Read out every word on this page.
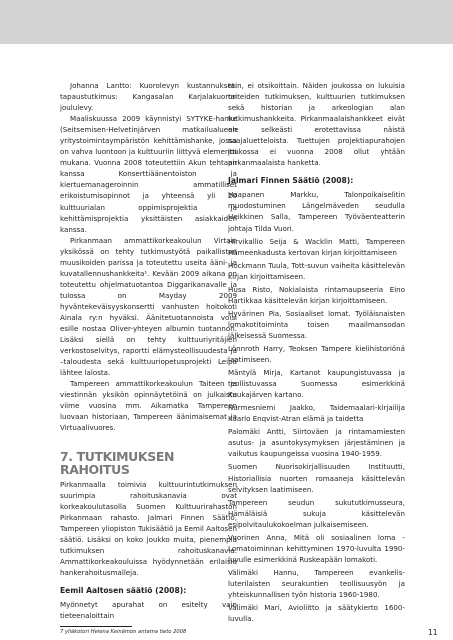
Johanna Lantto: Kuorolevyn kustannukset: tapaustutkimus: Kangasalan Karjalakuoron joululevy.

Maaliskuussa 2009 käynnistyi SYTYKE-hanke (Seitsemisen-Helvetinjärven matkailualueen yritystoimintaympäristön kehittämishanke, jossa on vahva luontoon ja kulttuuriin liittyvä elementti mukana. Vuonna 2008 toteutettiin Akun tehtaan kanssa Konserttiäänentoiston ja kiertuemanageroinnin ammatilliset erikoistumisopinnot ja yhteensä yli 20 kulttuurialan oppimisprojektia ja kehittämisprojektia yksittäisten asiakkaiden kanssa.

Pirkanmaan ammattikorkeakoulun Virtain yksikössä on tehty tutkimustyötä paikallisten muusikoiden parissa ja toteutettu useita ääni- ja kuvatallennushankkeita¹. Kevään 2009 aikana on toteutettu ohjelmatuotantoa Diggarikanavalle ja tulossa on Mayday 2009 hyväntekeväisyyskonsertti vanhusten hoitokoti Ainala ry:n hyväksi. Äänitetuotannoista voisi esille nostaa Oliver-yhteyen albumin tuotannon. Lisäksi siellä on tehty kulttuuriyritäjien verkostoselvitys, raportti elämysteollisuudesta ja –taloudesta sekä kulttuuriopetusprojekti Leipä lähtee lalosta.

Tampereen ammattikorkeakoulun Taiteen ja viestinnän yksikön opinnäytetöinä on julkaistu viime vuosina mm. Aikamatka Tampereen luovaan historiaan, Tampereen äänimaisemat ja Virtuaalivuores.

7. TUTKIMUKSEN RAHOITUS

Pirkanmaalla toimivia kulttuurintutkimuksen suurimpia rahoituskanavia ovat korkeakoulutasolla Suomen Kulttuurirahaston Pirkanmaan rahasto. Jalmari Finnen Säätiö, Tampereen yliopiston Tukisäätiö ja Eemil Aaltosen säätiö. Lisäksi on koko joukko muita, pienempiä tutkimuksen rahoituskanavia. Ammattikorkeakouluissa hyödynnetään erilaisia hankerahoitusmalleja.

Eemil Aaltosen säätiö (2008):

Myönnetyt apurahat on esitelty vain tieteenaloittain

7 ylläkotori Helena Keinämon antama tieto 2008

tain, ei otsikoittain. Näiden joukossa on lukuisia taiteiden tutkimuksen, kulttuurien tutkimuksen sekä historian ja arkeologian alan tutkimushankkeita. Pirkanmaalaishankkeet eivät ole selkeästi erotettavissa näistä saajaluetteloista. Tuettujen projektiapurahojen joukossa ei vuonna 2008 ollut yhtään pirkanmaalaista hanketta.

Jalmari Finnen Säätiö (2008):

Haapanen Markku, Talonpoikaiselitin muodostuminen Längelmäveden seudulla Heikkinen Salla, Tampereen Työväenteatterin johtaja Tilda Vuori.

Hirvikallio Seija & Wacklin Matti, Tampereen Hämeenkadusta kertovan kirjan kirjoittamiseen

Hockmann Tuula, Tott-suvun vaiheita käsittelevän kirjan kirjoittamiseen.

Husa Risto, Nokialaista rintamaupseeria Eino Hartikkaa käsittelevän kirjan kirjoittamiseen.

Hyvärinen Pia, Sosiaaliset lomat. Työläisnaisten lomakotitoiminta toisen maailmansodan jälkeisessä Suomessa.

Lönnroth Harry, Teoksen Tampere kielihistoriönä laatimiseen.

Mäntylä Mirja, Kartanot kaupungistuvassa ja teollistuvassa Suomessa esimerkkinä Kaukajärven kartano.

Nurmesniemi Jaakko, Taidemaalari-kirjailija Kaarlo Enqvist-Atran elämä ja taidetta

Palomäki Antti, Siirtoväen ja rintamamiesten asutus- ja asuntokysymyksen järjestäminen ja vaikutus kaupungeissa vuosina 1940-1959.

Suomen Nuorisokirjallisuuden Instituutti, Historiallisia nuorten romaaneja käsittelevän selvityksen laatimiseen.

Tampereen seudun sukututkimusseura, Hämäläisiä sukuja käsittelevän esipolvitaulukokoelman julkaisemiseen.

Vuorinen Anna, Mitä oli sosiaalinen loma - Lomatoiminnan kehittyminen 1970-luvulta 1990-luvulle esimerkkinä Ruskeapään lomakoti.

Välimäki Hannu, Tampereen evankelis-luterilaisten seurakuntien teollisuusyön ja yhteiskunnallisen työn historia 1960-1980.

Välimäki Mari, Avioliitto ja säätykierto 1600-luvulla.

11
